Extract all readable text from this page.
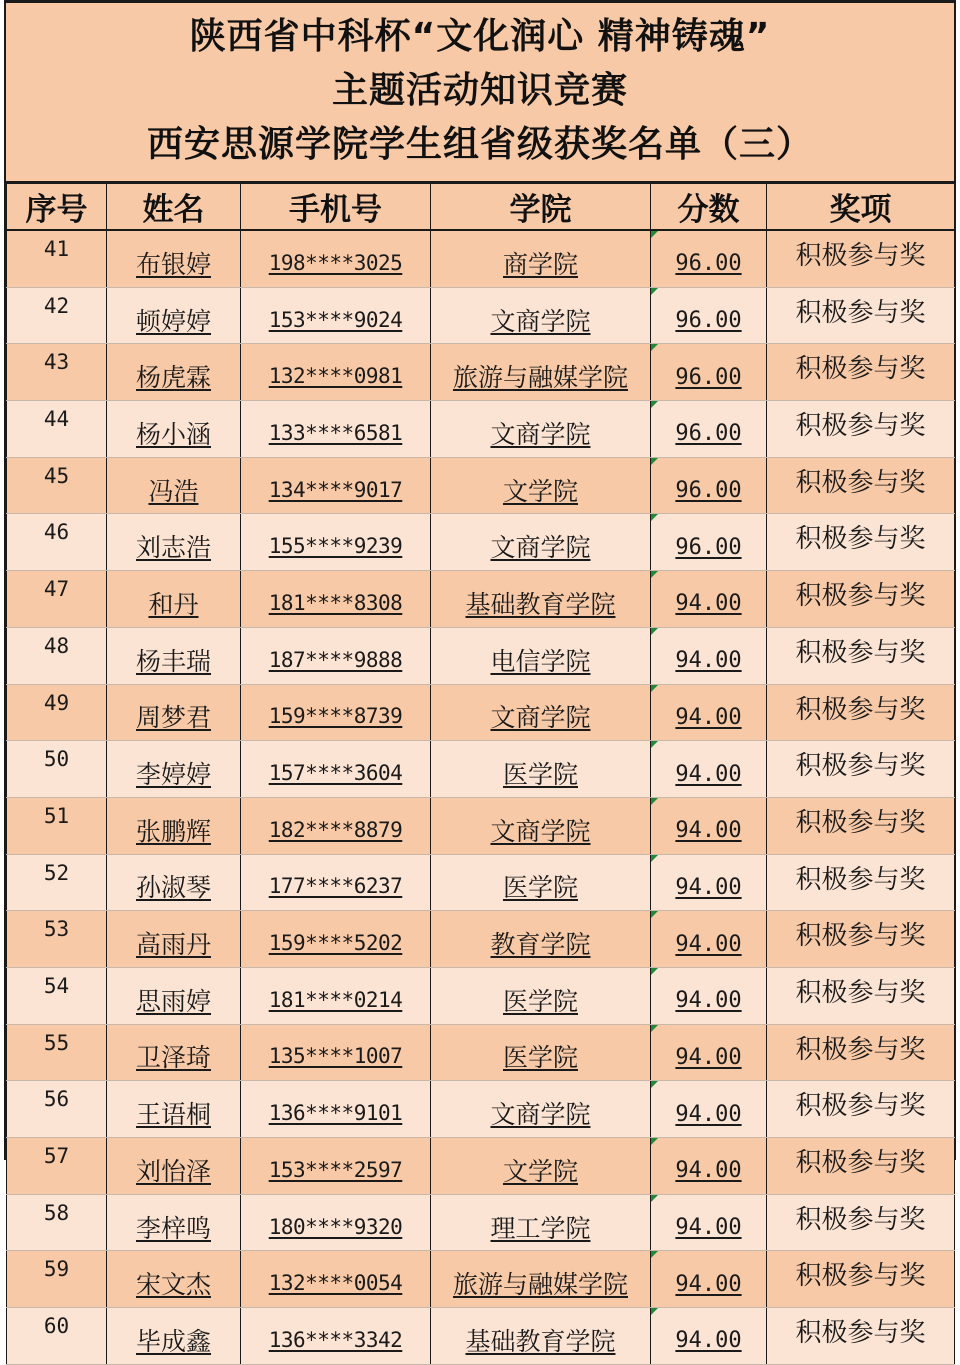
陕西省中科杯“文化润心 精神铸魂”
主题活动知识竞赛
西安思源学院学生组省级获奖名单（三）
序号	姓名	手机号	学院	分数	奖项
41	布银婷	198****3025	商学院	96.00	积极参与奖
42	顿婷婷	153****9024	文商学院	96.00	积极参与奖
43	杨虎霖	132****0981	旅游与融媒学院	96.00	积极参与奖
44	杨小涵	133****6581	文商学院	96.00	积极参与奖
45	冯浩	134****9017	文学院	96.00	积极参与奖
46	刘志浩	155****9239	文商学院	96.00	积极参与奖
47	和丹	181****8308	基础教育学院	94.00	积极参与奖
48	杨丰瑞	187****9888	电信学院	94.00	积极参与奖
49	周梦君	159****8739	文商学院	94.00	积极参与奖
50	李婷婷	157****3604	医学院	94.00	积极参与奖
51	张鹏辉	182****8879	文商学院	94.00	积极参与奖
52	孙淑琴	177****6237	医学院	94.00	积极参与奖
53	高雨丹	159****5202	教育学院	94.00	积极参与奖
54	思雨婷	181****0214	医学院	94.00	积极参与奖
55	卫泽琦	135****1007	医学院	94.00	积极参与奖
56	王语桐	136****9101	文商学院	94.00	积极参与奖
57	刘怡泽	153****2597	文学院	94.00	积极参与奖
58	李梓鸣	180****9320	理工学院	94.00	积极参与奖
59	宋文杰	132****0054	旅游与融媒学院	94.00	积极参与奖
60	毕成鑫	136****3342	基础教育学院	94.00	积极参与奖
